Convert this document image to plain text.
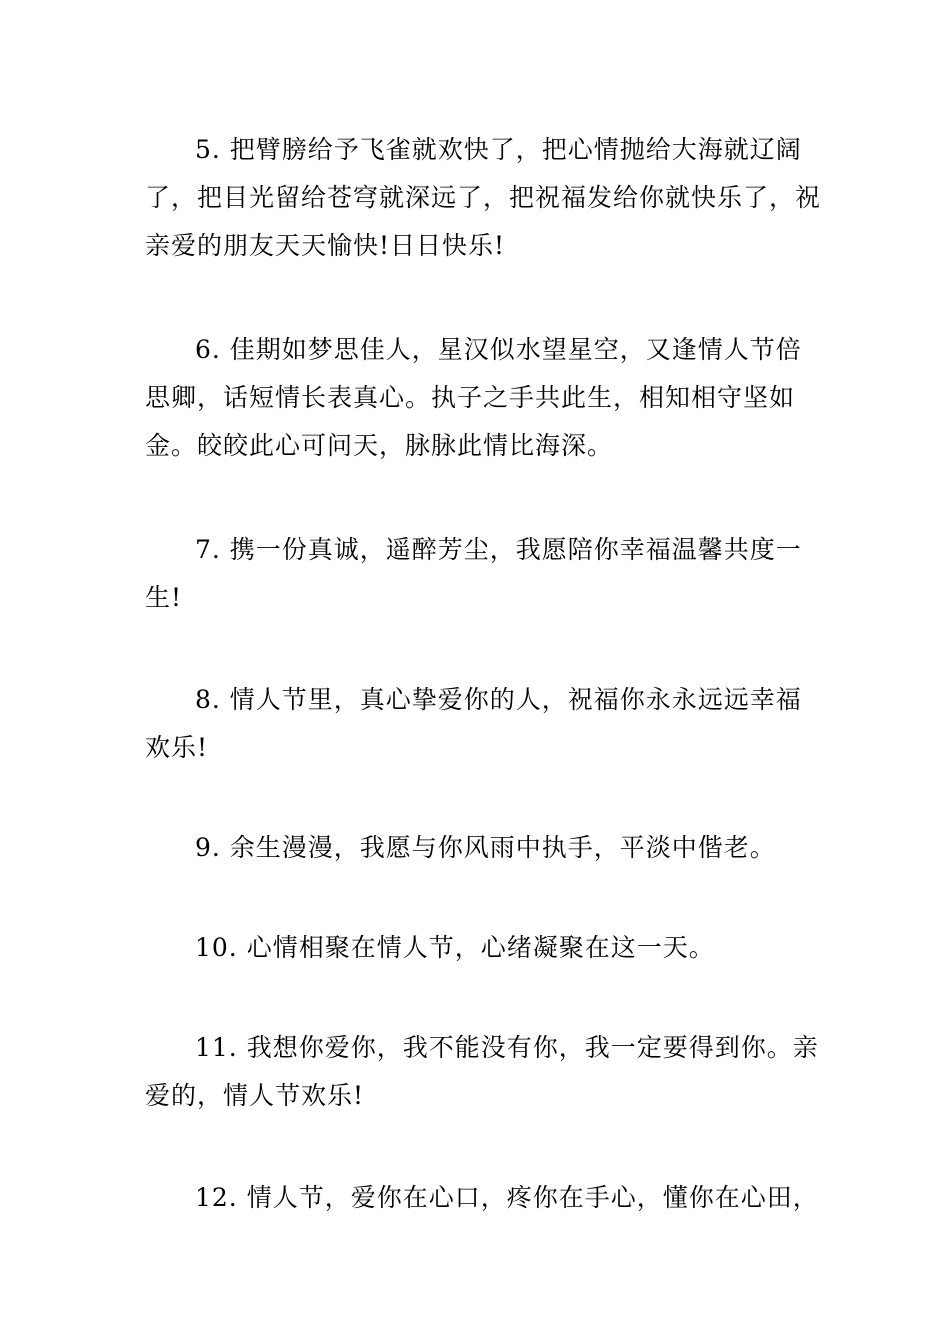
5. 把臂膀给予飞雀就欢快了，把心情抛给大海就辽阔了，把目光留给苍穹就深远了，把祝福发给你就快乐了，祝亲爱的朋友天天愉快!日日快乐!

6. 佳期如梦思佳人，星汉似水望星空，又逢情人节倍思卿，话短情长表真心。执子之手共此生，相知相守坚如金。皎皎此心可问天，脉脉此情比海深。

7. 携一份真诚，遥醉芳尘，我愿陪你幸福温馨共度一生!

8. 情人节里，真心挚爱你的人，祝福你永永远远幸福欢乐!

9. 余生漫漫，我愿与你风雨中执手，平淡中偕老。

10. 心情相聚在情人节，心绪凝聚在这一天。

11. 我想你爱你，我不能没有你，我一定要得到你。亲爱的，情人节欢乐!

12. 情人节，爱你在心口，疼你在手心，懂你在心田，
